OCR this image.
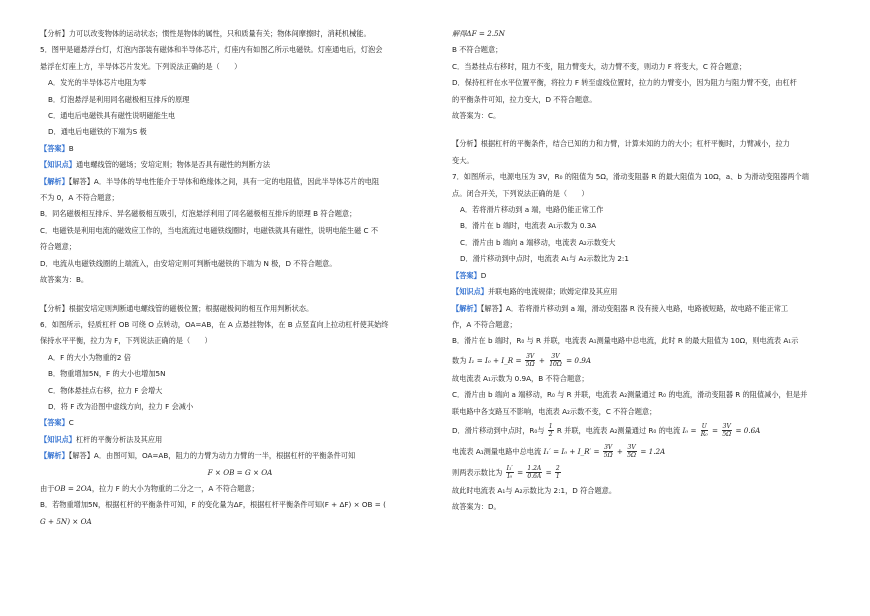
【分析】力可以改变物体的运动状态；惯性是物体的属性，只和质量有关；物体间摩擦时，消耗机械能。
5．图甲是磁悬浮台灯，灯泡内部装有磁体和半导体芯片，灯座内有如图乙所示电磁铁。灯座通电后，灯泡会
悬浮在灯座上方，半导体芯片发光。下列说法正确的是（　　）
A．发光的半导体芯片电阻为零
B．灯泡悬浮是利用同名磁极相互排斥的原理
C．通电后电磁铁具有磁性说明磁能生电
D．通电后电磁铁的下端为S 极
【答案】B
【知识点】通电螺线管的磁场；安培定则；物体是否具有磁性的判断方法
【解析】【解答】A．半导体的导电性能介于导体和绝缘体之间，具有一定的电阻值，因此半导体芯片的电阻
不为 0，A 不符合题意；
B．同名磁极相互排斥、异名磁极相互吸引，灯泡悬浮利用了同名磁极相互排斥的原理 B 符合题意；
C．电磁铁是利用电流的磁效应工作的，当电流流过电磁铁线圈时，电磁铁就具有磁性，说明电能生磁 C 不
符合题意；
D．电流从电磁铁线圈的上端流入，由安培定则可判断电磁铁的下端为 N 极，D 不符合题意。
故答案为：B。
【分析】根据安培定则判断通电螺线管的磁极位置；根据磁极间的相互作用判断状态。
6．如图所示，轻质杠杆 OB 可绕 O 点转动，OA=AB，在 A 点悬挂物体，在 B 点竖直向上拉动杠杆使其始终
保持水平平衡，拉力为 F，下列说法正确的是（　　）
A．F 的大小为物重的2 倍
B．物重增加5N，F 的大小也增加5N
C．物体悬挂点右移，拉力 F 会增大
D．将 F 改为沿图中虚线方向，拉力 F 会减小
【答案】C
【知识点】杠杆的平衡分析法及其应用
【解析】【解答】A．由图可知，OA=AB，阻力的力臂为动力力臂的一半，根据杠杆的平衡条件可知
F × OB = G × OA
由于OB = 2OA，拉力 F 的大小为物重的二分之一，A 不符合题意；
B．若物重增加5N，根据杠杆的平衡条件可知，F 的变化量为ΔF，根据杠杆平衡条件可知(F + ΔF) × OB = (
G + 5N) × OA
解得ΔF = 2.5N
B 不符合题意；
C．当悬挂点右移时，阻力不变，阻力臂变大，动力臂不变，则动力 F 将变大，C 符合题意；
D．保持杠杆在水平位置平衡，将拉力 F 转至虚线位置时，拉力的力臂变小，因为阻力与阻力臂不变，由杠杆
的平衡条件可知，拉力变大，D 不符合题意。
故答案为：C。
【分析】根据杠杆的平衡条件，结合已知的力和力臂，计算未知的力的大小；杠杆平衡时，力臂减小，拉力
变大。
7．如图所示，电源电压为 3V，R₀ 的阻值为 5Ω，滑动变阻器 R 的最大阻值为 10Ω，a、b 为滑动变阻器两个端
点。闭合开关，下列说法正确的是（　　）
A．若将滑片移动到 a 端，电路仍能正常工作
B．滑片在 b 端时，电流表 A₁示数为 0.3A
C．滑片由 b 端向 a 端移动，电流表 A₂示数变大
D．滑片移动到中点时，电流表 A₁与 A₂示数比为 2:1
【答案】D
【知识点】并联电路的电流规律；欧姆定律及其应用
【解析】【解答】A．若将滑片移动到 a 端，滑动变阻器 R 没有接入电路，电路被短路，故电路不能正常工
作，A 不符合题意；
B．滑片在 b 端时，R₀ 与 R 并联，电流表 A₁测量电路中总电流，此时 R 的最大阻值为 10Ω，则电流表 A₁示
数为 I₁ = I₀ + I_R = $\frac{3V}{5\Omega} + \frac{3V}{10\Omega} = 0.9A$
故电流表 A₁示数为 0.9A，B 不符合题意；
C．滑片由 b 端向 a 端移动，R₀ 与 R 并联，电流表 A₂测量通过 R₀ 的电流，滑动变阻器 R 的阻值减小，但是并
联电路中各支路互不影响，电流表 A₂示数不变，C 不符合题意；
D．滑片移动到中点时，R₀与 $\frac{1}{2}$ R 并联，电流表 A₂测量通过 R₀ 的电流 $I_0 = \frac{U}{\text{R₀}} = \frac{3V}{5\Omega} = 0.6A$
电流表 A₁测量电路中总电流 I₁′ = I₀ + I_R′ = $\frac{3V}{5\Omega} + \frac{3V}{5\Omega} = 1.2A$
则两表示数比为 $\frac{\text{I₁′}}{\text{I₀}} = \frac{1.2A}{0.6A} = \frac{2}{1}$
故此时电流表 A₁与 A₂示数比为 2:1，D 符合题意。
故答案为：D。
